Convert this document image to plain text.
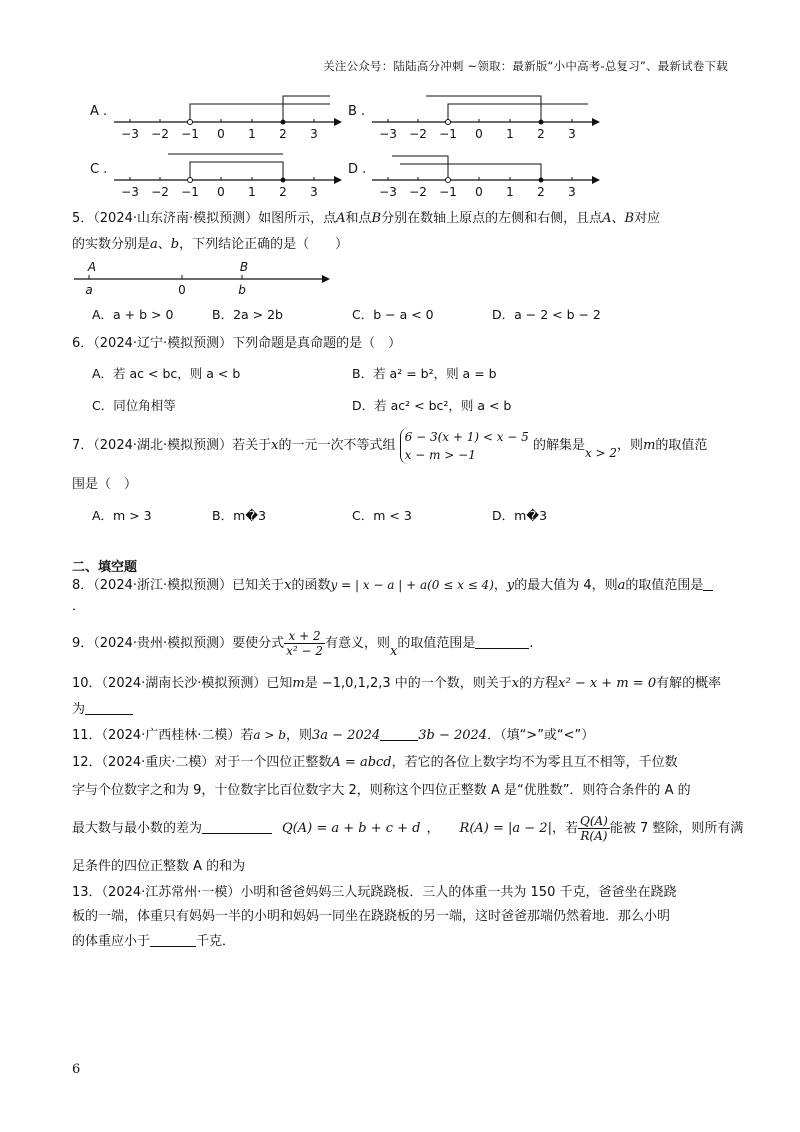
关注公众号：陆陆高分冲刺 ~领取：最新版“小中高考-总复习”、最新试卷下载
A .
−3 −2 −1 0 1 2 3
B .
−3 −2 −1 0 1 2 3
C .
−3 −2 −1 0 1 2 3
D .
−3 −2 −1 0 1 2 3
5．（2024·山东济南·模拟预测）如图所示，点A和点B分别在数轴上原点的左侧和右侧，且点A、B对应
的实数分别是a、b，下列结论正确的是（　　）
A	B
a	0	b
A．a + b > 0	B．2a > 2b	C．b − a < 0	D．a − 2 < b − 2
6．（2024·辽宁·模拟预测）下列命题是真命题的是（　）
A．若 ac < bc，则 a < b	B．若 a² = b²，则 a = b
C．同位角相等	D．若 ac² < bc²，则 a < b
7．（2024·湖北·模拟预测）若关于x的一元一次不等式组
6 − 3(x + 1) < x − 5
x − m > −1
的解集是x > 2，则m的取值范
围是（　）
A．m > 3	B．m�3	C．m < 3	D．m�3
二、填空题
8．（2024·浙江·模拟预测）已知关于x的函数y = | x − a | + a(0 ≤ x ≤ 4)，y的最大值为 4，则a的取值范围是
．
9．（2024·贵州·模拟预测）要使分式 $\frac{x + 2}{\text{x² − 2}}$ 有意义，则x的取值范围是	.
10．（2024·湖南长沙·模拟预测）已知m是 −1,0,1,2,3 中的一个数，则关于x的方程x² − x + m = 0有解的概率
为
11．（2024·广西桂林·二模）若a > b，则3a − 2024	3b − 2024．（填“>”或“<”）
12．（2024·重庆·二模）对于一个四位正整数A = abcd，若它的各位上数字均不为零且互不相等，千位数
字与个位数字之和为 9，十位数字比百位数字大 2，则称这个四位正整数 A 是“优胜数”．则符合条件的 A 的
最大数与最小数的差为	Q(A) = a + b + c + d ， R(A) = |a − 2|，若 $\frac{Q(A)}{R(A)}$ 能被 7 整除，则所有满
足条件的四位正整数 A 的和为
13．（2024·江苏常州·一模）小明和爸爸妈妈三人玩跷跷板．三人的体重一共为 150 千克，爸爸坐在跷跷
板的一端，体重只有妈妈一半的小明和妈妈一同坐在跷跷板的另一端，这时爸爸那端仍然着地．那么小明
的体重应小于	千克．
6
